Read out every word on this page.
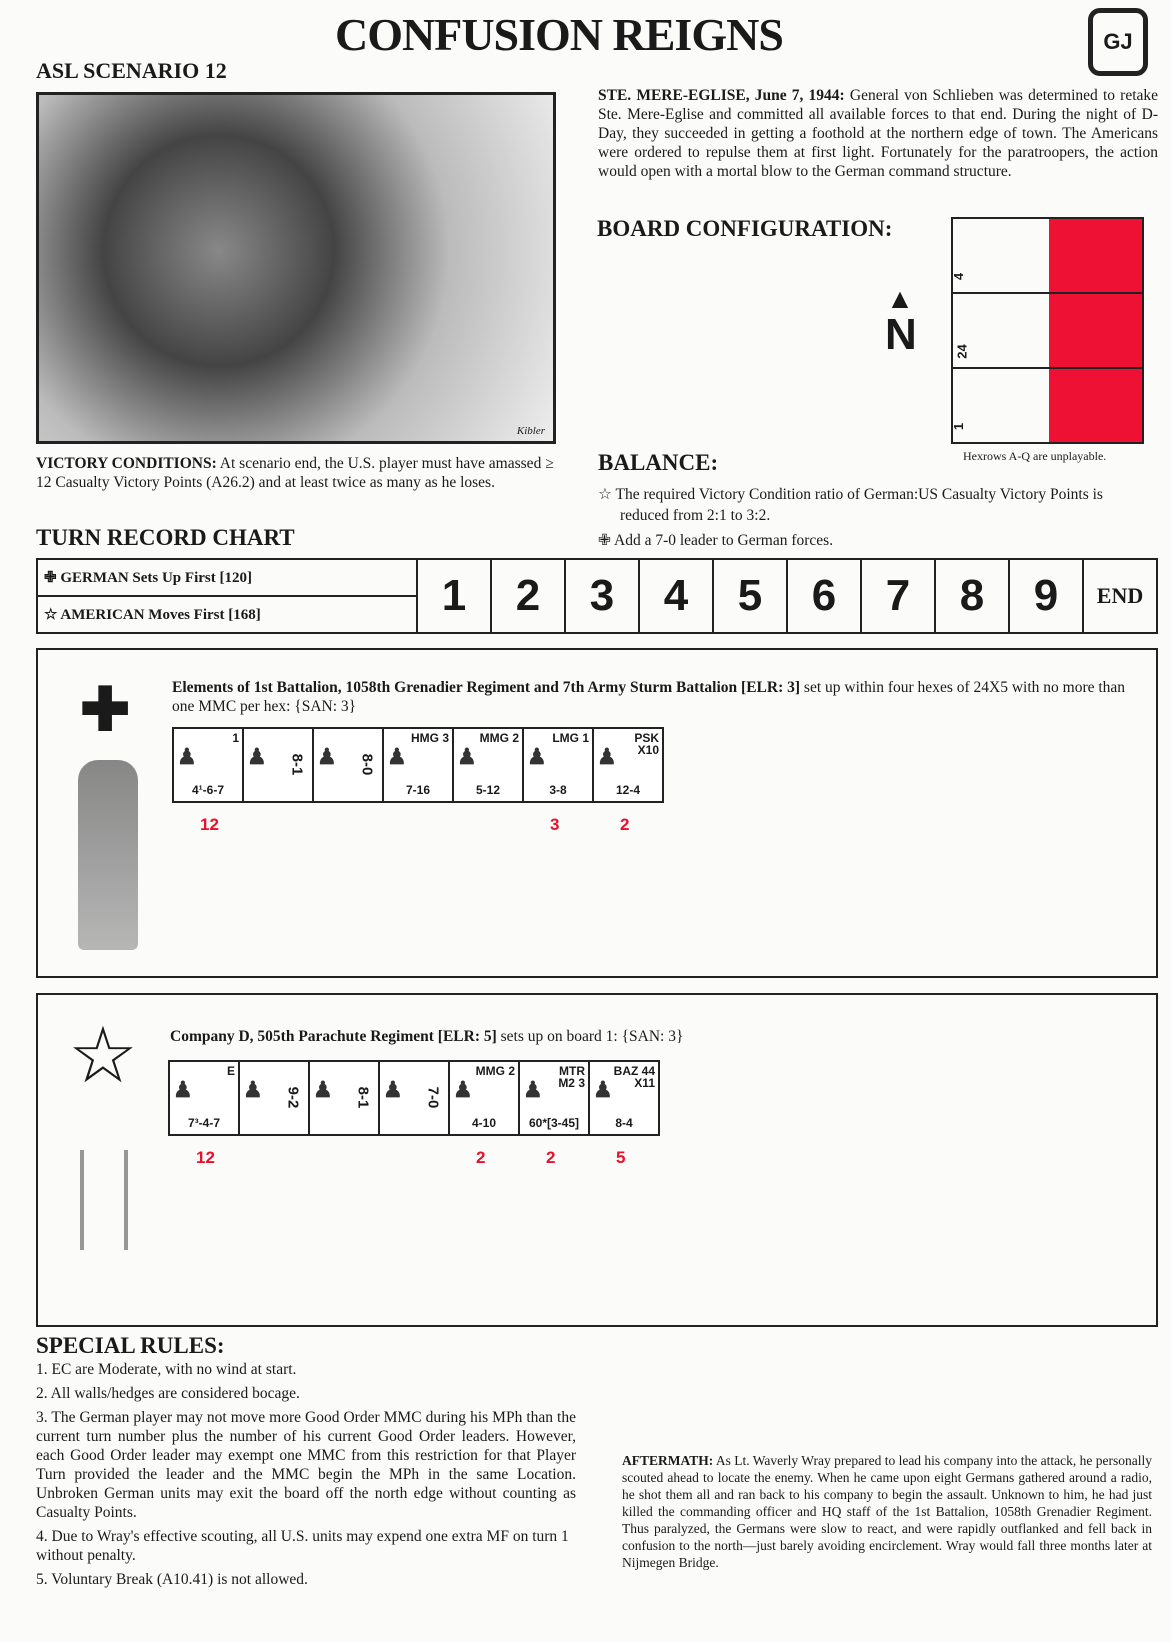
CONFUSION REIGNS
ASL SCENARIO 12
GJ
Kibler
STE. MERE-EGLISE, June 7, 1944: General von Schlieben was determined to retake Ste. Mere-Eglise and committed all available forces to that end. During the night of D-Day, they succeeded in getting a foothold at the northern edge of town. The Americans were ordered to repulse them at first light. Fortunately for the paratroopers, the action would open with a mortal blow to the German command structure.
BOARD CONFIGURATION:
▲
N
4
24
1
Hexrows A-Q are unplayable.
VICTORY CONDITIONS: At scenario end, the U.S. player must have amassed ≥ 12 Casualty Victory Points (A26.2) and at least twice as many as he loses.
BALANCE:
☆ The required Victory Condition ratio of German:US Casualty Victory Points is reduced from 2:1 to 3:2.
✙ Add a 7-0 leader to German forces.
TURN RECORD CHART
✙ GERMAN Sets Up First [120]
☆ AMERICAN Moves First [168]	1	2	3	4	5	6	7	8	9	END
✚	Elements of 1st Battalion, 1058th Grenadier Regiment and 7th Army Sturm Battalion [ELR: 3] set up within four hexes of 24X5 with no more than one MMC per hex: {SAN: 3}
♟
1
4¹-6-7
12
♟ 8-1 ♟ 8-0 ♟
HMG 3
7-16
♟
MMG 2
5-12
♟
LMG 1
3-8
3
♟
PSK X10
12-4
2
☆ Company D, 505th Parachute Regiment [ELR: 5] sets up on board 1: {SAN: 3}
♟
E
7³-4-7
12
♟ 9-2 ♟ 8-1 ♟ 7-0 ♟
MMG 2
4-10
2
♟
MTR M2 3
60*[3-45]
2
♟
BAZ 44 X11
8-4
5
SPECIAL RULES:

1. EC are Moderate, with no wind at start.

2. All walls/hedges are considered bocage.

3. The German player may not move more Good Order MMC during his MPh than the current turn number plus the number of his current Good Order leaders. However, each Good Order leader may exempt one MMC from this restriction for that Player Turn provided the leader and the MMC begin the MPh in the same Location. Unbroken German units may exit the board off the north edge without counting as Casualty Points.

4. Due to Wray's effective scouting, all U.S. units may expend one extra MF on turn 1 without penalty.

5. Voluntary Break (A10.41) is not allowed.

AFTERMATH: As Lt. Waverly Wray prepared to lead his company into the attack, he personally scouted ahead to locate the enemy. When he came upon eight Germans gathered around a radio, he shot them all and ran back to his company to begin the assault. Unknown to him, he had just killed the commanding officer and HQ staff of the 1st Battalion, 1058th Grenadier Regiment. Thus paralyzed, the Germans were slow to react, and were rapidly outflanked and fell back in confusion to the north—just barely avoiding encirclement. Wray would fall three months later at Nijmegen Bridge.
